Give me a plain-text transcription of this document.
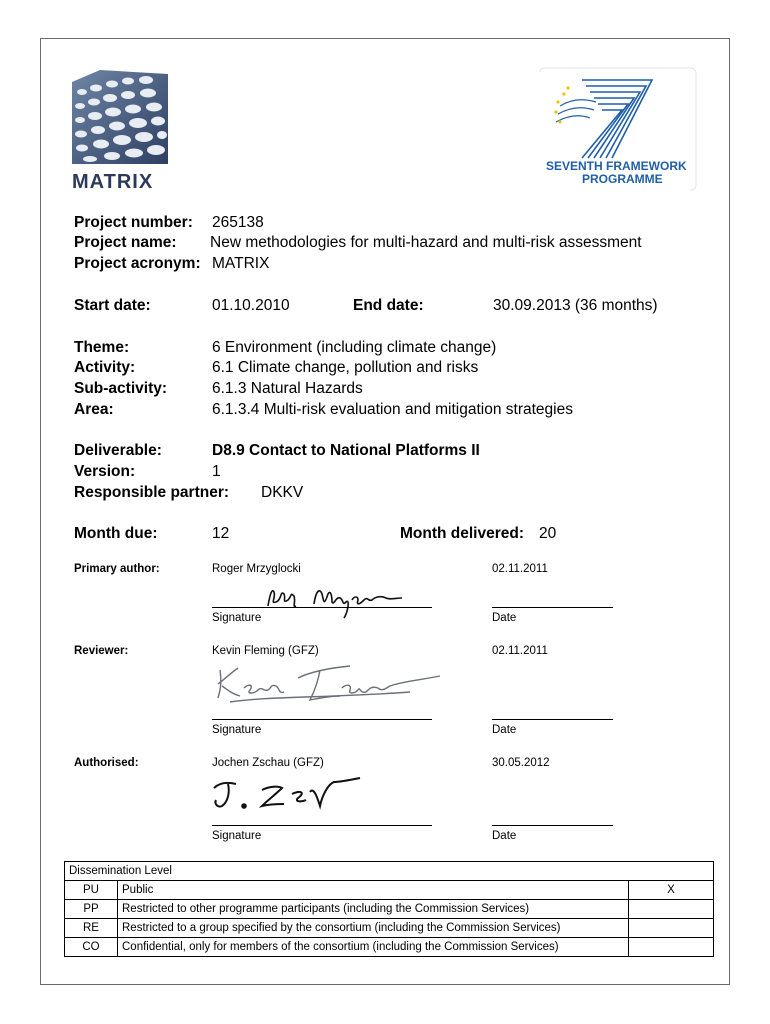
MATRIX
SEVENTH FRAMEWORK
PROGRAMME
Project number: 265138
Project name: New methodologies for multi-hazard and multi-risk assessment
Project acronym: MATRIX
Start date:	01.10.2010	End date:	30.09.2013 (36 months)
Theme:	6 Environment (including climate change)
Activity:	6.1 Climate change, pollution and risks
Sub-activity:	6.1.3 Natural Hazards
Area:	6.1.3.4 Multi-risk evaluation and mitigation strategies
Deliverable:	D8.9 Contact to National Platforms II
Version:	1
Responsible partner: DKKV
Month due:	12	Month delivered: 20
Primary author:	Roger Mrzyglocki	02.11.2011
Signature	Date
Reviewer:	Kevin Fleming (GFZ)	02.11.2011
Signature	Date
Authorised:	Jochen Zschau (GFZ)	30.05.2012
Signature	Date
Dissemination Level		
PU	Public	X
PP	Restricted to other programme participants (including the Commission Services)	
RE	Restricted to a group specified by the consortium (including the Commission Services)	
CO	Confidential, only for members of the consortium (including the Commission Services)	
